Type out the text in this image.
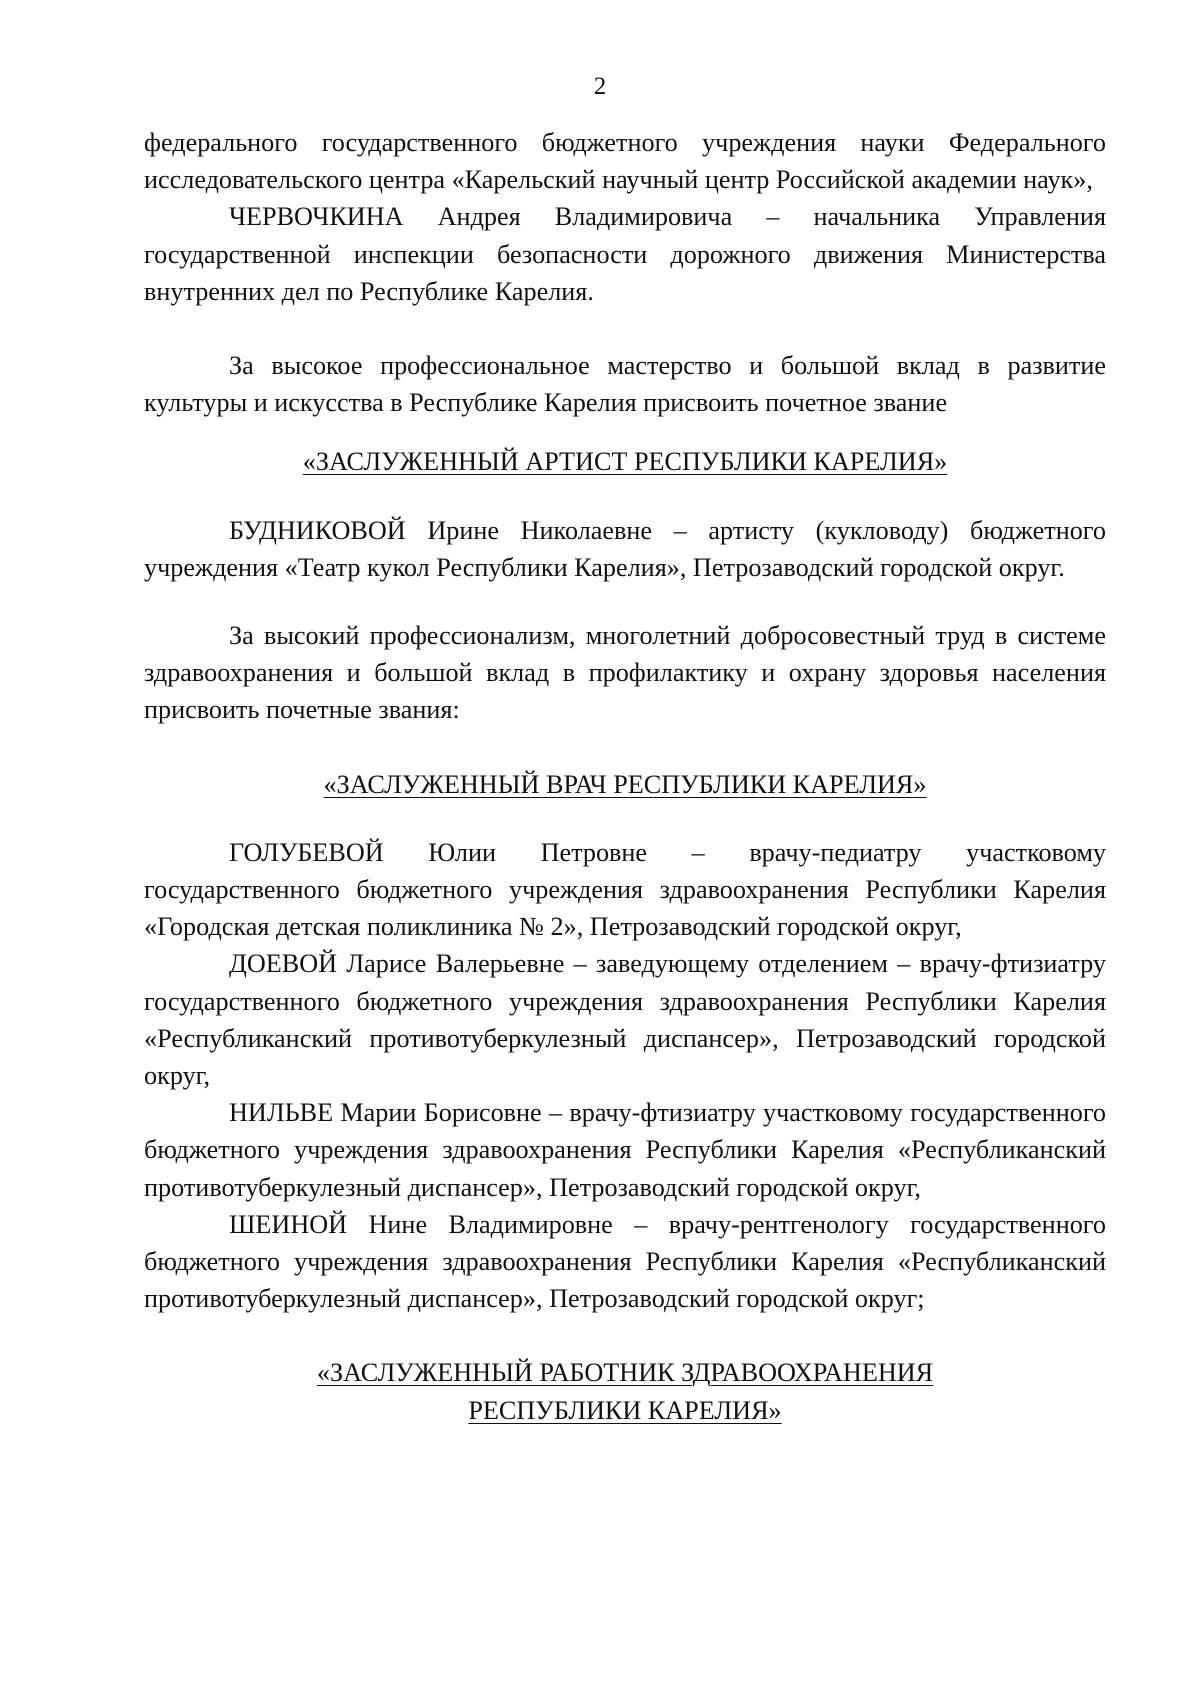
2

федерального государственного бюджетного учреждения науки Федерального исследовательского центра «Карельский научный центр Российской академии наук»,

ЧЕРВОЧКИНА Андрея Владимировича – начальника Управления государственной инспекции безопасности дорожного движения Министерства внутренних дел по Республике Карелия.

За высокое профессиональное мастерство и большой вклад в развитие культуры и искусства в Республике Карелия присвоить почетное звание

«ЗАСЛУЖЕННЫЙ АРТИСТ РЕСПУБЛИКИ КАРЕЛИЯ»

БУДНИКОВОЙ Ирине Николаевне – артисту (кукловоду) бюджетного учреждения «Театр кукол Республики Карелия», Петрозаводский городской округ.

За высокий профессионализм, многолетний добросовестный труд в системе здравоохранения и большой вклад в профилактику и охрану здоровья населения присвоить почетные звания:

«ЗАСЛУЖЕННЫЙ ВРАЧ РЕСПУБЛИКИ КАРЕЛИЯ»

ГОЛУБЕВОЙ Юлии Петровне – врачу-педиатру участковому государственного бюджетного учреждения здравоохранения Республики Карелия «Городская детская поликлиника № 2», Петрозаводский городской округ,

ДОЕВОЙ Ларисе Валерьевне – заведующему отделением – врачу-фтизиатру государственного бюджетного учреждения здравоохранения Республики Карелия «Республиканский противотуберкулезный диспансер», Петрозаводский городской округ,

НИЛЬВЕ Марии Борисовне – врачу-фтизиатру участковому государственного бюджетного учреждения здравоохранения Республики Карелия «Республиканский противотуберкулезный диспансер», Петрозаводский городской округ,

ШЕИНОЙ Нине Владимировне – врачу-рентгенологу государственного бюджетного учреждения здравоохранения Республики Карелия «Республиканский противотуберкулезный диспансер», Петрозаводский городской округ;

«ЗАСЛУЖЕННЫЙ РАБОТНИК ЗДРАВООХРАНЕНИЯ

РЕСПУБЛИКИ КАРЕЛИЯ»
